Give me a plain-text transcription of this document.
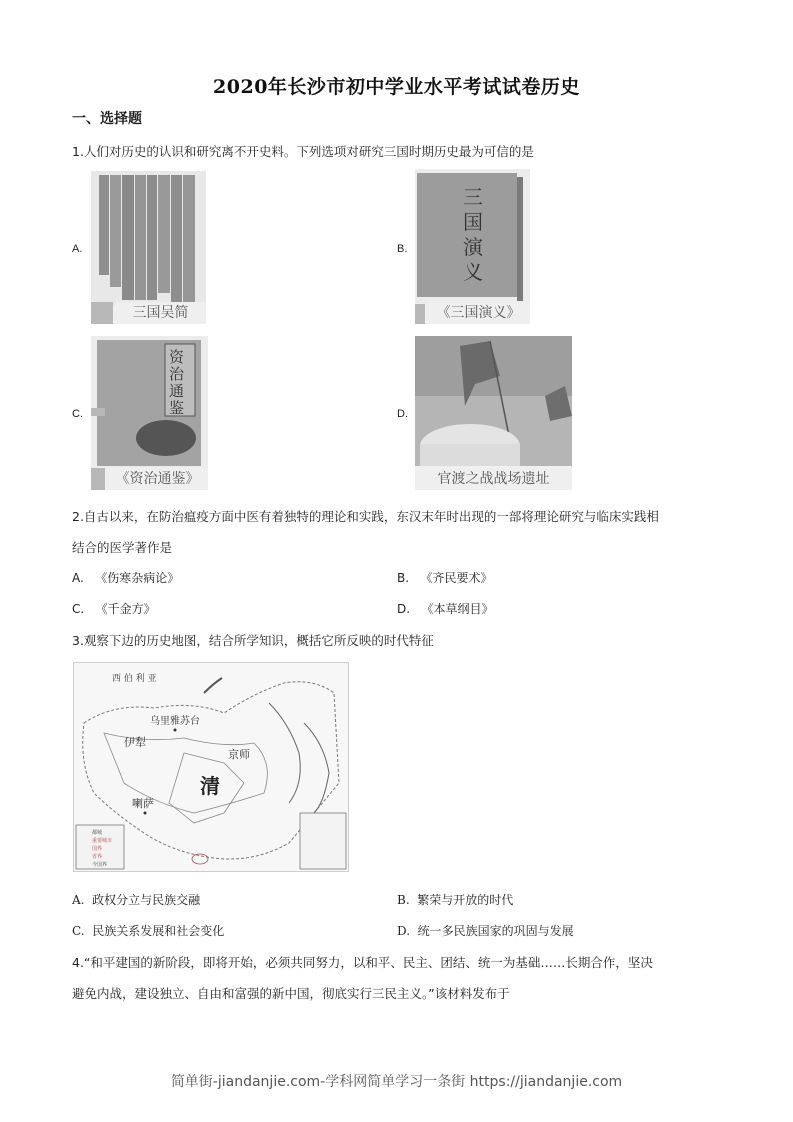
2020年长沙市初中学业水平考试试卷历史
一、选择题
1.人们对历史的认识和研究离不开史料。下列选项对研究三国时期历史最为可信的是
A.
三国吴简
B.
三
国
演
义
《三国演义》
C.
资
治
通
鉴
《资治通鉴》
D.
官渡之战战场遗址
2.自古以来，在防治瘟疫方面中医有着独特的理论和实践，东汉末年时出现的一部将理论研究与临床实践相
结合的医学著作是
A. 《伤寒杂病论》	B. 《齐民要术》
C. 《千金方》	D. 《本草纲目》
3.观察下边的历史地图，结合所学知识，概括它所反映的时代特征
西 伯 利 亚
乌里雅苏台
伊犁
京师
清
喇萨
都城
重要城市
国界
省界
今国界
A. 政权分立与民族交融	B. 繁荣与开放的时代
C. 民族关系发展和社会变化	D. 统一多民族国家的巩固与发展
4.“和平建国的新阶段，即将开始，必须共同努力，以和平、民主、团结、统一为基础……长期合作，坚决
避免内战，建设独立、自由和富强的新中国，彻底实行三民主义。”该材料发布于
简单街-jiandanjie.com-学科网简单学习一条街 https://jiandanjie.com
